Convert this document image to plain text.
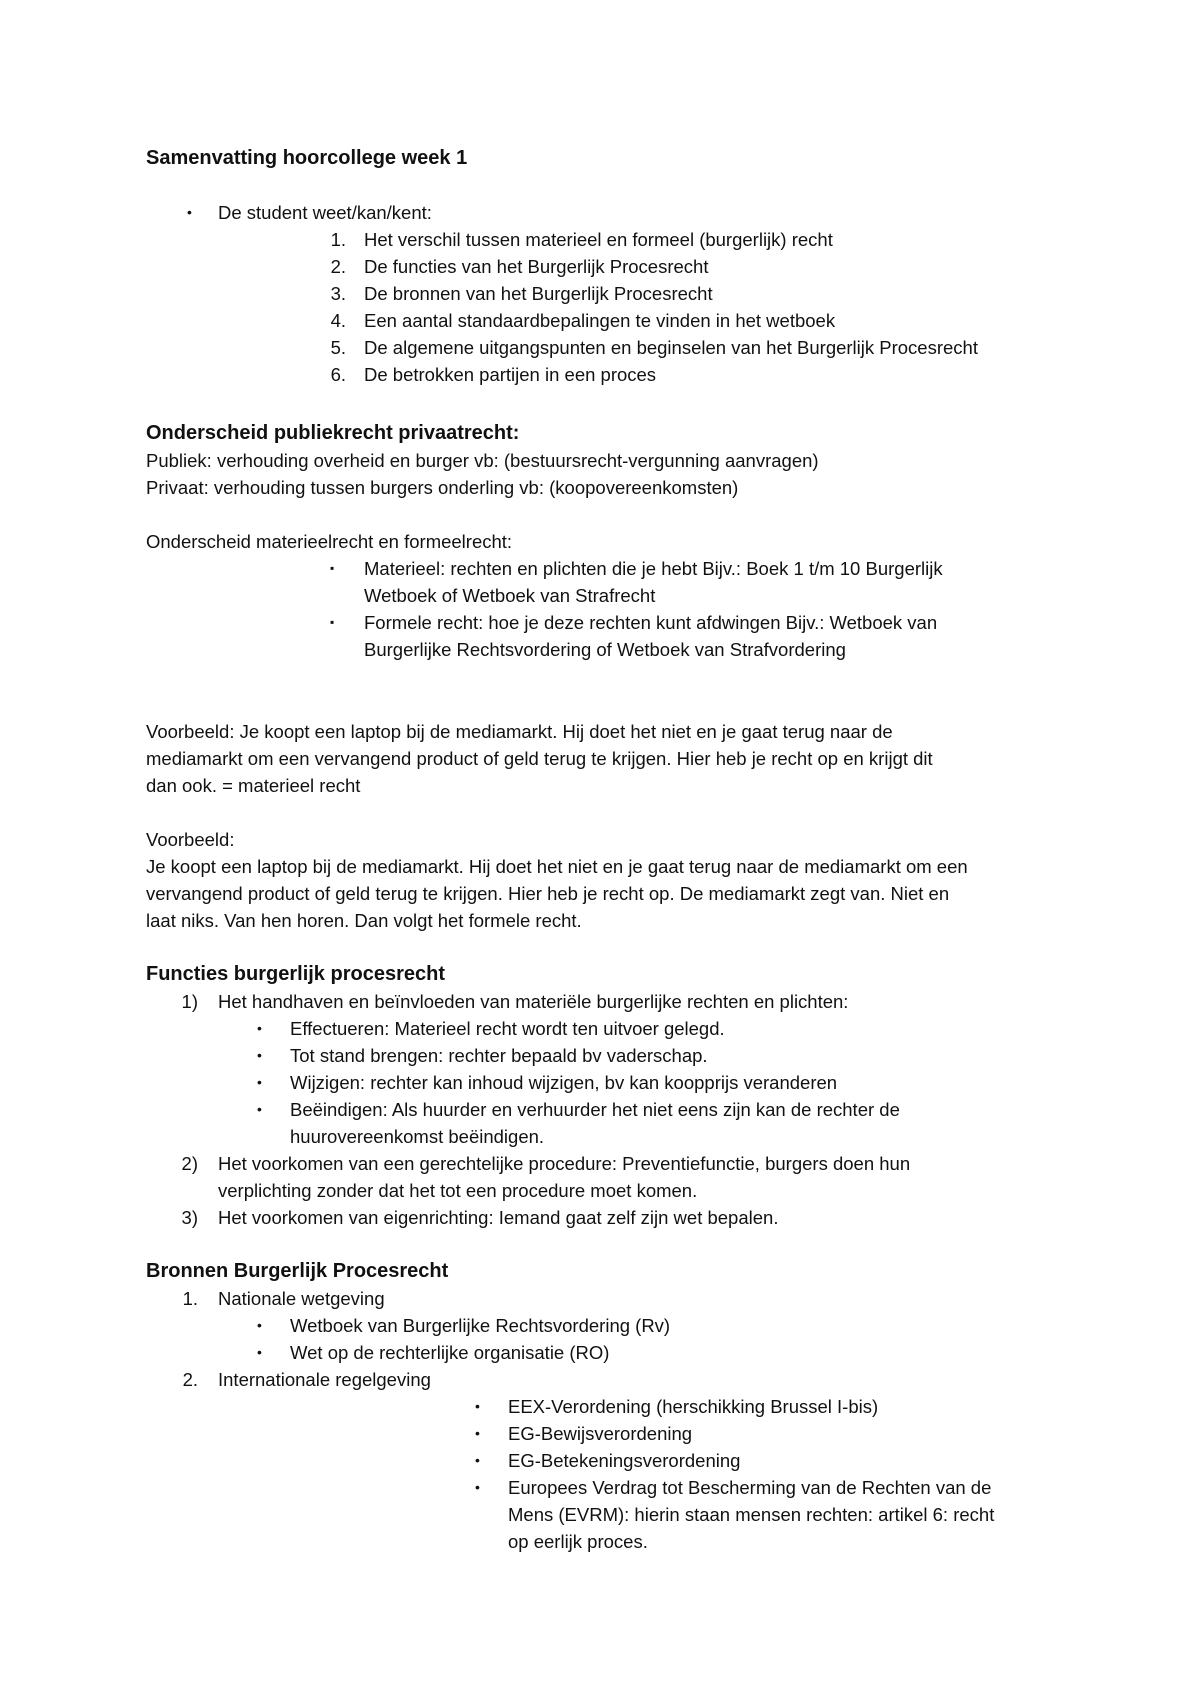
Samenvatting hoorcollege week 1
• De student weet/kan/kent:
1. Het verschil tussen materieel en formeel (burgerlijk) recht
2. De functies van het Burgerlijk Procesrecht
3. De bronnen van het Burgerlijk Procesrecht
4. Een aantal standaardbepalingen te vinden in het wetboek
5. De algemene uitgangspunten en beginselen van het Burgerlijk Procesrecht
6. De betrokken partijen in een proces
Onderscheid publiekrecht privaatrecht:
Publiek: verhouding overheid en burger vb: (bestuursrecht-vergunning aanvragen)
Privaat: verhouding tussen burgers onderling vb: (koopovereenkomsten)
Onderscheid materieelrecht en formeelrecht:
▪ Materieel: rechten en plichten die je hebt Bijv.: Boek 1 t/m 10 Burgerlijk
Wetboek of Wetboek van Strafrecht
▪ Formele recht: hoe je deze rechten kunt afdwingen Bijv.: Wetboek van
Burgerlijke Rechtsvordering of Wetboek van Strafvordering
Voorbeeld: Je koopt een laptop bij de mediamarkt. Hij doet het niet en je gaat terug naar de
mediamarkt om een vervangend product of geld terug te krijgen. Hier heb je recht op en krijgt dit
dan ook. = materieel recht
Voorbeeld:
Je koopt een laptop bij de mediamarkt. Hij doet het niet en je gaat terug naar de mediamarkt om een
vervangend product of geld terug te krijgen. Hier heb je recht op. De mediamarkt zegt van. Niet en
laat niks. Van hen horen. Dan volgt het formele recht.
Functies burgerlijk procesrecht
1) Het handhaven en beïnvloeden van materiële burgerlijke rechten en plichten:
• Effectueren: Materieel recht wordt ten uitvoer gelegd.
• Tot stand brengen: rechter bepaald bv vaderschap.
• Wijzigen: rechter kan inhoud wijzigen, bv kan koopprijs veranderen
• Beëindigen: Als huurder en verhuurder het niet eens zijn kan de rechter de
huurovereenkomst beëindigen.
2) Het voorkomen van een gerechtelijke procedure: Preventiefunctie, burgers doen hun
verplichting zonder dat het tot een procedure moet komen.
3) Het voorkomen van eigenrichting: Iemand gaat zelf zijn wet bepalen.
Bronnen Burgerlijk Procesrecht
1. Nationale wetgeving
• Wetboek van Burgerlijke Rechtsvordering (Rv)
• Wet op de rechterlijke organisatie (RO)
2. Internationale regelgeving
• EEX-Verordening (herschikking Brussel I-bis)
• EG-Bewijsverordening
• EG-Betekeningsverordening
• Europees Verdrag tot Bescherming van de Rechten van de
Mens (EVRM): hierin staan mensen rechten: artikel 6: recht
op eerlijk proces.
